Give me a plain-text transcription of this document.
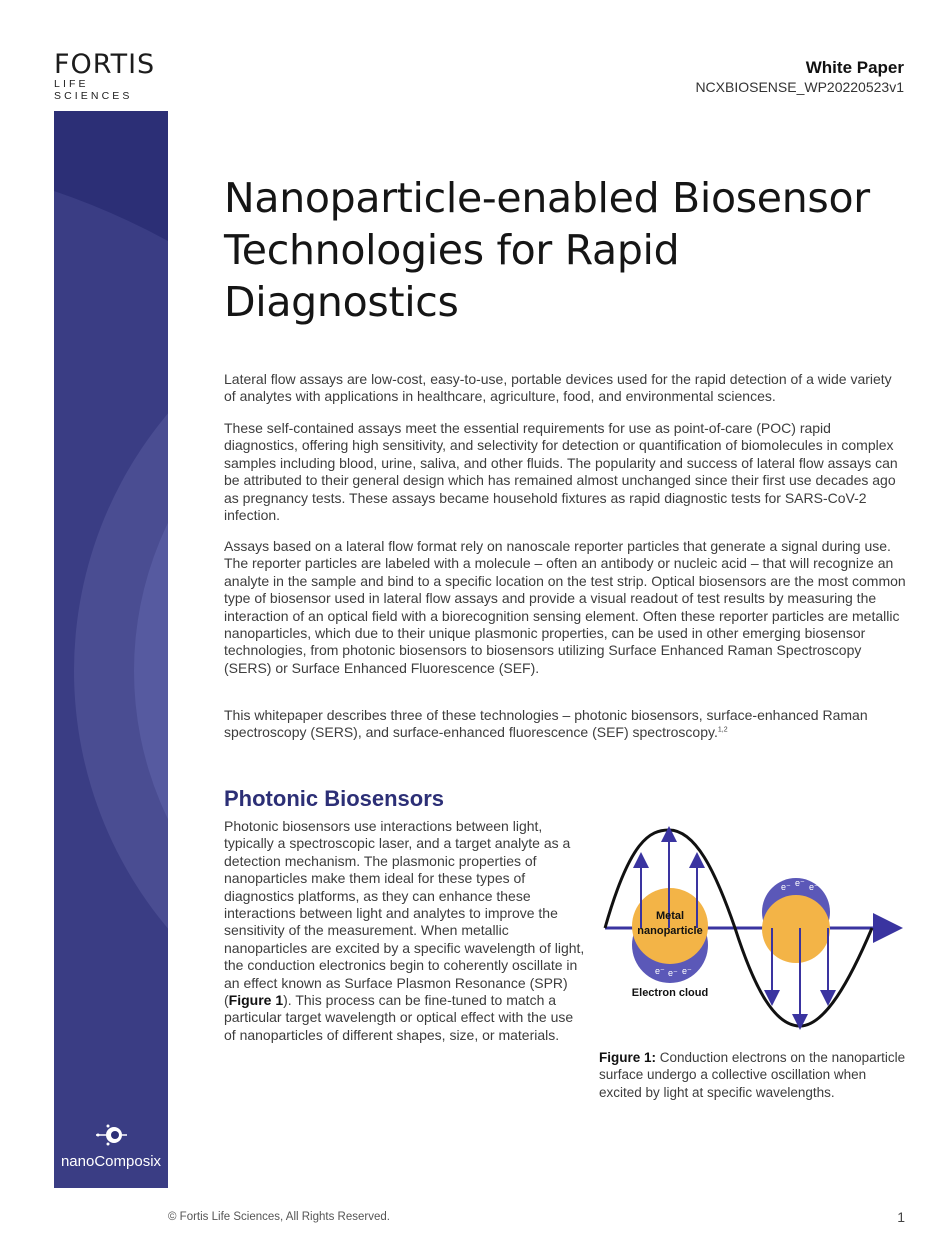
FORTIS
LIFE SCIENCES
White Paper
NCXBIOSENSE_WP20220523v1
nanoComposix
Nanoparticle-enabled Biosensor Technologies for Rapid Diagnostics

Lateral flow assays are low-cost, easy-to-use, portable devices used for the rapid detection of a wide variety of analytes with applications in healthcare, agriculture, food, and environmental sciences.

These self-contained assays meet the essential requirements for use as point-of-care (POC) rapid diagnostics, offering high sensitivity, and selectivity for detection or quantification of biomolecules in complex samples including blood, urine, saliva, and other fluids. The popularity and success of lateral flow assays can be attributed to their general design which has remained almost unchanged since their first use decades ago as pregnancy tests. These assays became household fixtures as rapid diagnostic tests for SARS-CoV-2 infection.

Assays based on a lateral flow format rely on nanoscale reporter particles that generate a signal during use. The reporter particles are labeled with a molecule – often an antibody or nucleic acid – that will recognize an analyte in the sample and bind to a specific location on the test strip. Optical biosensors are the most common type of biosensor used in lateral flow assays and provide a visual readout of test results by measuring the interaction of an optical field with a biorecognition sensing element. Often these reporter particles are metallic nanoparticles, which due to their unique plasmonic properties, can be used in other emerging biosensor technologies, from photonic biosensors to biosensors utilizing Surface Enhanced Raman Spectroscopy (SERS) or Surface Enhanced Fluorescence (SEF).

This whitepaper describes three of these technologies – photonic biosensors, surface-enhanced Raman spectroscopy (SERS), and surface-enhanced fluorescence (SEF) spectroscopy.$^{1,2}$

Photonic Biosensors

Photonic biosensors use interactions between light, typically a spectroscopic laser, and a target analyte as a detection mechanism. The plasmonic properties of nanoparticles make them ideal for these types of diagnostics platforms, as they can enhance these interactions between light and analytes to improve the sensitivity of the measurement. When metallic nanoparticles are excited by a specific wavelength of light, the conduction electronics begin to coherently oscillate in an effect known as Surface Plasmon Resonance (SPR) (Figure 1). This process can be fine-tuned to match a particular target wavelength or optical effect with the use of nanoparticles of different shapes, size, or materials.

Metal
nanoparticle
Electron cloud
e⁻ e⁻ e⁻
e⁻ e⁻ e⁻

Figure 1: Conduction electrons on the nanoparticle surface undergo a collective oscillation when excited by light at specific wavelengths.

© Fortis Life Sciences, All Rights Reserved.	1
